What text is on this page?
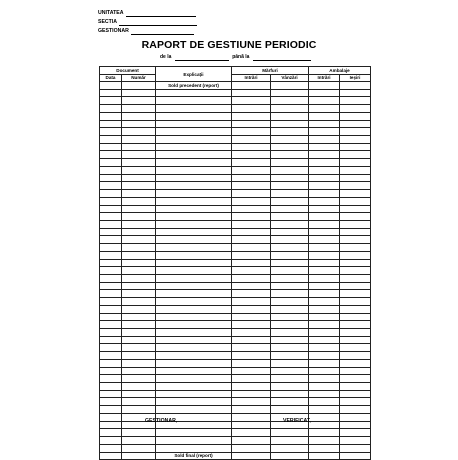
UNITATEA
SECTIA
GESTIONAR
RAPORT DE GESTIUNE PERIODIC
de la	până la
Document		Explicații	Mărfuri		Ambalaje	
Data	Număr		Intrări	Vânzări	Intrări	Ieșiri
		Sold precedent (report)				

		Sold final (report)				
GESTIONAR,	VERIFICAT,
